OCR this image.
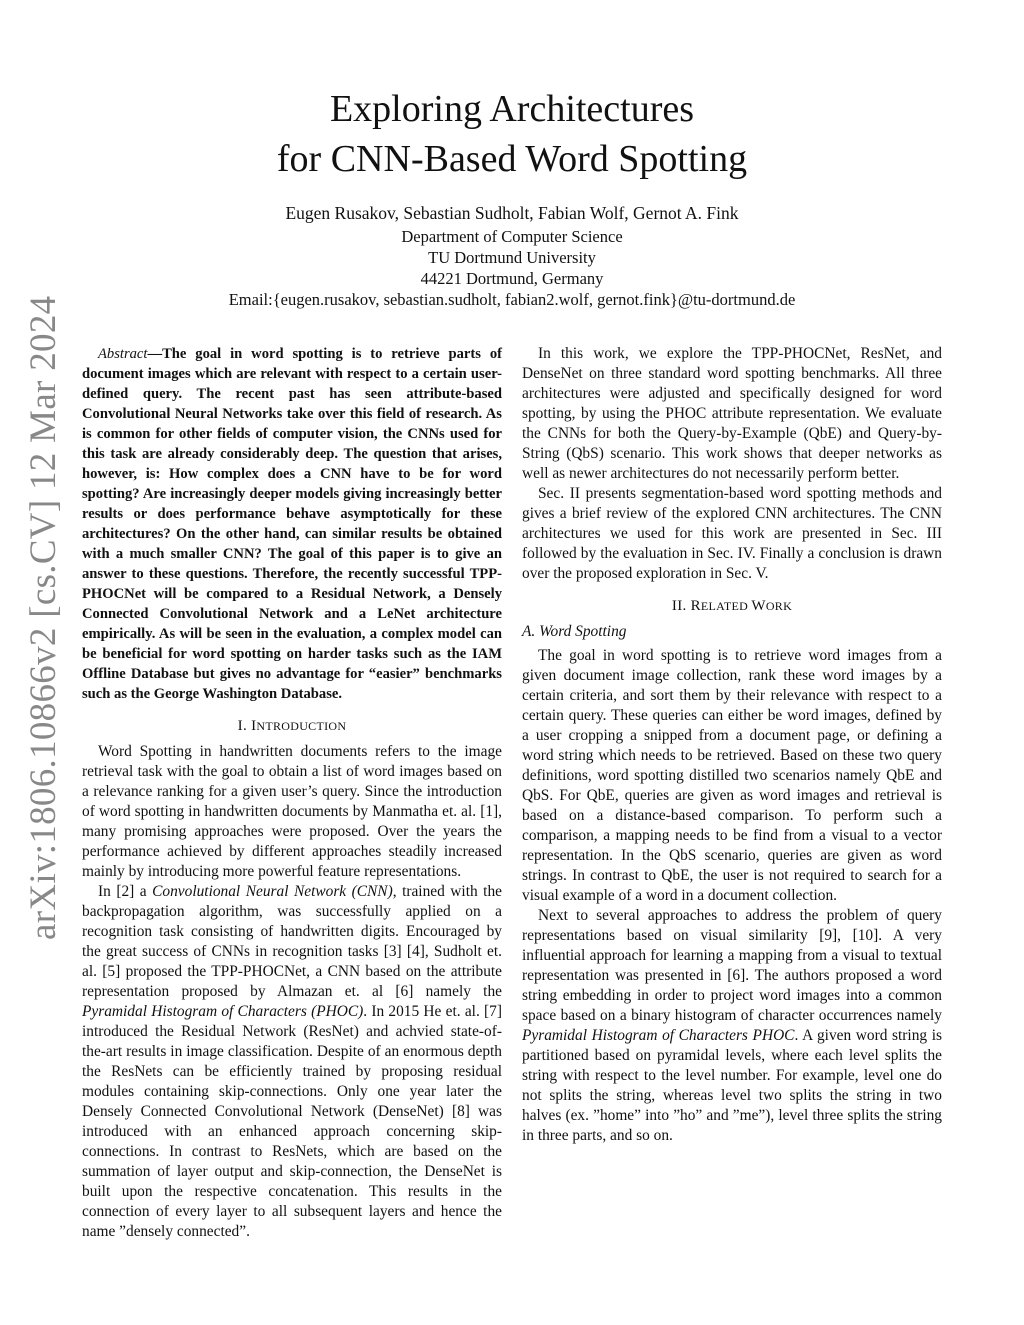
arXiv:1806.10866v2 [cs.CV] 12 Mar 2024
Exploring Architectures
for CNN-Based Word Spotting
Eugen Rusakov, Sebastian Sudholt, Fabian Wolf, Gernot A. Fink
Department of Computer Science
TU Dortmund University
44221 Dortmund, Germany
Email:{eugen.rusakov, sebastian.sudholt, fabian2.wolf, gernot.fink}@tu-dortmund.de

Abstract—The goal in word spotting is to retrieve parts of document images which are relevant with respect to a certain user-defined query. The recent past has seen attribute-based Convolutional Neural Networks take over this field of research. As is common for other fields of computer vision, the CNNs used for this task are already considerably deep. The question that arises, however, is: How complex does a CNN have to be for word spotting? Are increasingly deeper models giving increasingly better results or does performance behave asymptotically for these architectures? On the other hand, can similar results be obtained with a much smaller CNN? The goal of this paper is to give an answer to these questions. Therefore, the recently successful TPP-PHOCNet will be compared to a Residual Network, a Densely Connected Convolutional Network and a LeNet architecture empirically. As will be seen in the evaluation, a complex model can be beneficial for word spotting on harder tasks such as the IAM Offline Database but gives no advantage for “easier” benchmarks such as the George Washington Database.

I. INTRODUCTION

Word Spotting in handwritten documents refers to the image retrieval task with the goal to obtain a list of word images based on a relevance ranking for a given user’s query. Since the introduction of word spotting in handwritten documents by Manmatha et. al. [1], many promising approaches were proposed. Over the years the performance achieved by different approaches steadily increased mainly by introducing more powerful feature representations.

In [2] a Convolutional Neural Network (CNN), trained with the backpropagation algorithm, was successfully applied on a recognition task consisting of handwritten digits. Encouraged by the great success of CNNs in recognition tasks [3] [4], Sudholt et. al. [5] proposed the TPP-PHOCNet, a CNN based on the attribute representation proposed by Almazan et. al [6] namely the Pyramidal Histogram of Characters (PHOC). In 2015 He et. al. [7] introduced the Residual Network (ResNet) and achvied state-of-the-art results in image classification. Despite of an enormous depth the ResNets can be efficiently trained by proposing residual modules containing skip-connections. Only one year later the Densely Connected Convolutional Network (DenseNet) [8] was introduced with an enhanced approach concerning skip-connections. In contrast to ResNets, which are based on the summation of layer output and skip-connection, the DenseNet is built upon the respective concatenation. This results in the connection of every layer to all subsequent layers and hence the name ”densely connected”.

In this work, we explore the TPP-PHOCNet, ResNet, and DenseNet on three standard word spotting benchmarks. All three architectures were adjusted and specifically designed for word spotting, by using the PHOC attribute representation. We evaluate the CNNs for both the Query-by-Example (QbE) and Query-by-String (QbS) scenario. This work shows that deeper networks as well as newer architectures do not necessarily perform better.

Sec. II presents segmentation-based word spotting methods and gives a brief review of the explored CNN architectures. The CNN architectures we used for this work are presented in Sec. III followed by the evaluation in Sec. IV. Finally a conclusion is drawn over the proposed exploration in Sec. V.

II. RELATED WORK
A. Word Spotting

The goal in word spotting is to retrieve word images from a given document image collection, rank these word images by a certain criteria, and sort them by their relevance with respect to a certain query. These queries can either be word images, defined by a user cropping a snipped from a document page, or defining a word string which needs to be retrieved. Based on these two query definitions, word spotting distilled two scenarios namely QbE and QbS. For QbE, queries are given as word images and retrieval is based on a distance-based comparison. To perform such a comparison, a mapping needs to be find from a visual to a vector representation. In the QbS scenario, queries are given as word strings. In contrast to QbE, the user is not required to search for a visual example of a word in a document collection.

Next to several approaches to address the problem of query representations based on visual similarity [9], [10]. A very influential approach for learning a mapping from a visual to textual representation was presented in [6]. The authors proposed a word string embedding in order to project word images into a common space based on a binary histogram of character occurrences namely Pyramidal Histogram of Characters PHOC. A given word string is partitioned based on pyramidal levels, where each level splits the string with respect to the level number. For example, level one do not splits the string, whereas level two splits the string in two halves (ex. ”home” into ”ho” and ”me”), level three splits the string in three parts, and so on.
